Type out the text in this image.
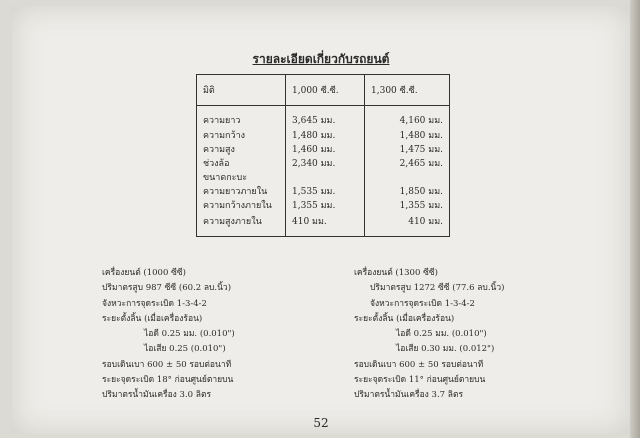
รายละเอียดเกี่ยวกับรถยนต์
มิติ	1,000 ซี.ซี.	1,300 ซี.ซี.
ความยาว	3,645 มม.	4,160 มม.
ความกว้าง	1,480 มม.	1,480 มม.
ความสูง	1,460 มม.	1,475 มม.
ช่วงล้อ	2,340 มม.	2,465 มม.
ขนาดกะบะ		
ความยาวภายใน	1,535 มม.	1,850 มม.
ความกว้างภายใน	1,355 มม.	1,355 มม.
ความสูงภายใน	410 มม.	410 มม.
เครื่องยนต์ (1000 ซีซี)
ปริมาตรสูบ 987 ซีซี (60.2 ลบ.นิ้ว)
จังหวะการจุดระเบิด 1-3-4-2
ระยะตั้งลิ้น (เมื่อเครื่องร้อน)
ไอดี 0.25 มม. (0.010")
ไอเสีย 0.25 (0.010")
รอบเดินเบา 600 ± 50 รอบต่อนาที
ระยะจุดระเบิด 18° ก่อนศูนย์ตายบน
ปริมาตรน้ำมันเครื่อง 3.0 ลิตร
เครื่องยนต์ (1300 ซีซี)
ปริมาตรสูบ 1272 ซีซี (77.6 ลบ.นิ้ว)
จังหวะการจุดระเบิด 1-3-4-2
ระยะตั้งลิ้น (เมื่อเครื่องร้อน)
ไอดี 0.25 มม. (0.010")
ไอเสีย 0.30 มม. (0.012")
รอบเดินเบา 600 ± 50 รอบต่อนาที
ระยะจุดระเบิด 11° ก่อนศูนย์ตายบน
ปริมาตรน้ำมันเครื่อง 3.7 ลิตร
52
